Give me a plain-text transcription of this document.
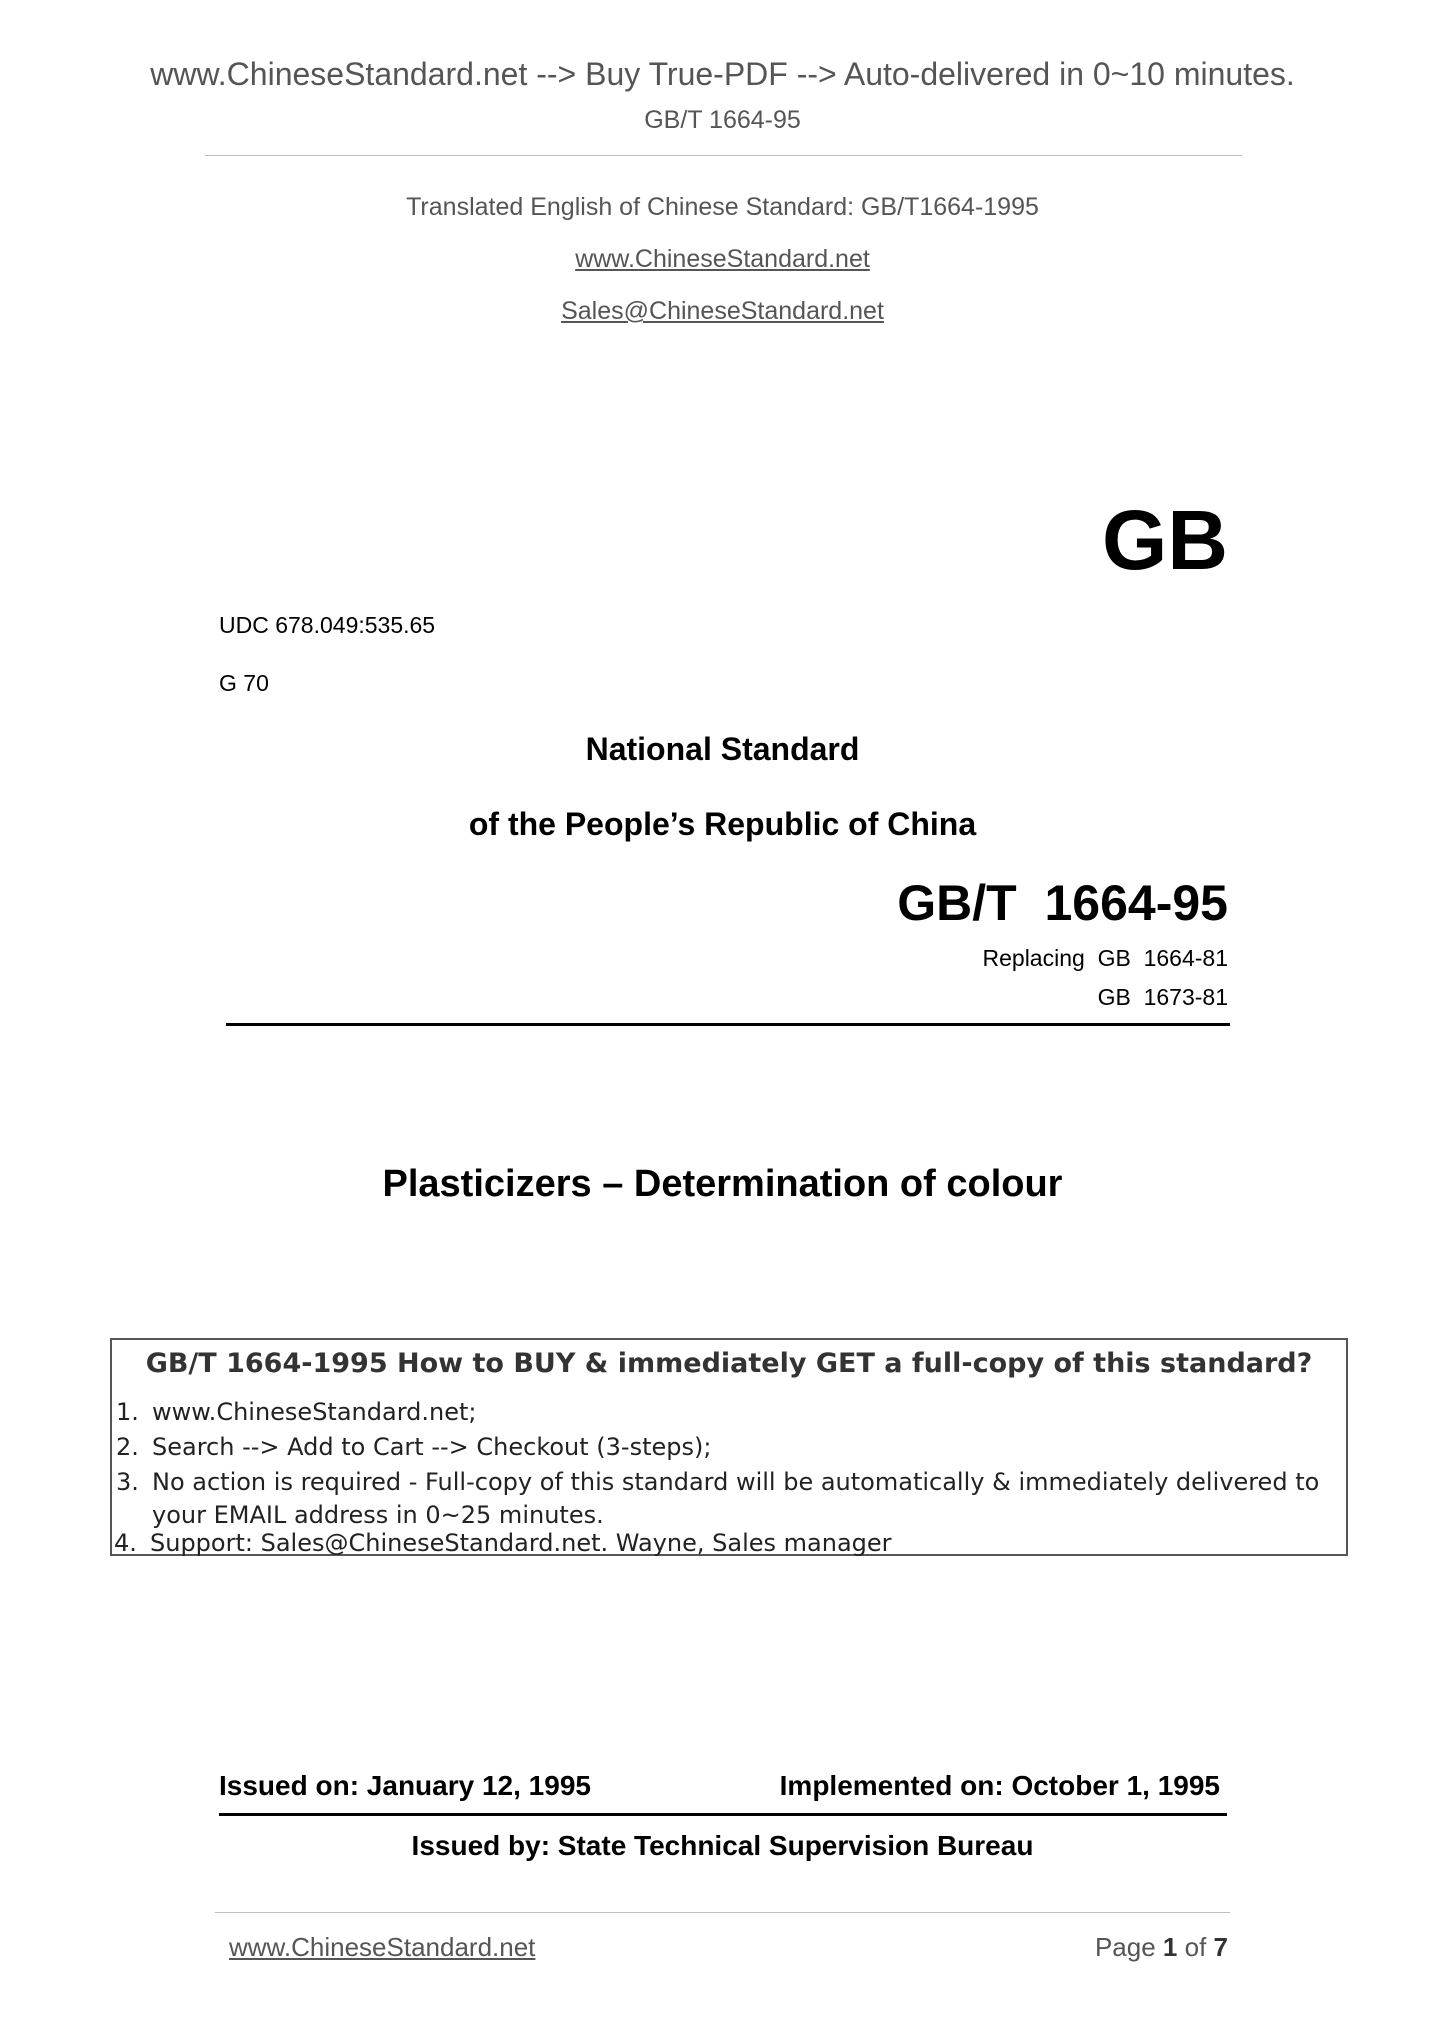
www.ChineseStandard.net --> Buy True-PDF --> Auto-delivered in 0~10 minutes.
GB/T 1664-95
Translated English of Chinese Standard: GB/T1664-1995
www.ChineseStandard.net
Sales@ChineseStandard.net
GB
UDC 678.049:535.65
G 70
National Standard
of the People’s Republic of China
GB/T  1664-95
Replacing  GB  1664-81
GB  1673-81
Plasticizers – Determination of colour
GB/T 1664-1995 How to BUY & immediately GET a full-copy of this standard?
1. www.ChineseStandard.net;
2. Search --> Add to Cart --> Checkout (3-steps);
3. No action is required - Full-copy of this standard will be automatically & immediately delivered to
your EMAIL address in 0~25 minutes.
4. Support: Sales@ChineseStandard.net. Wayne, Sales manager
Issued on: January 12, 1995	Implemented on: October 1, 1995
Issued by: State Technical Supervision Bureau
www.ChineseStandard.net	Page 1 of 7
